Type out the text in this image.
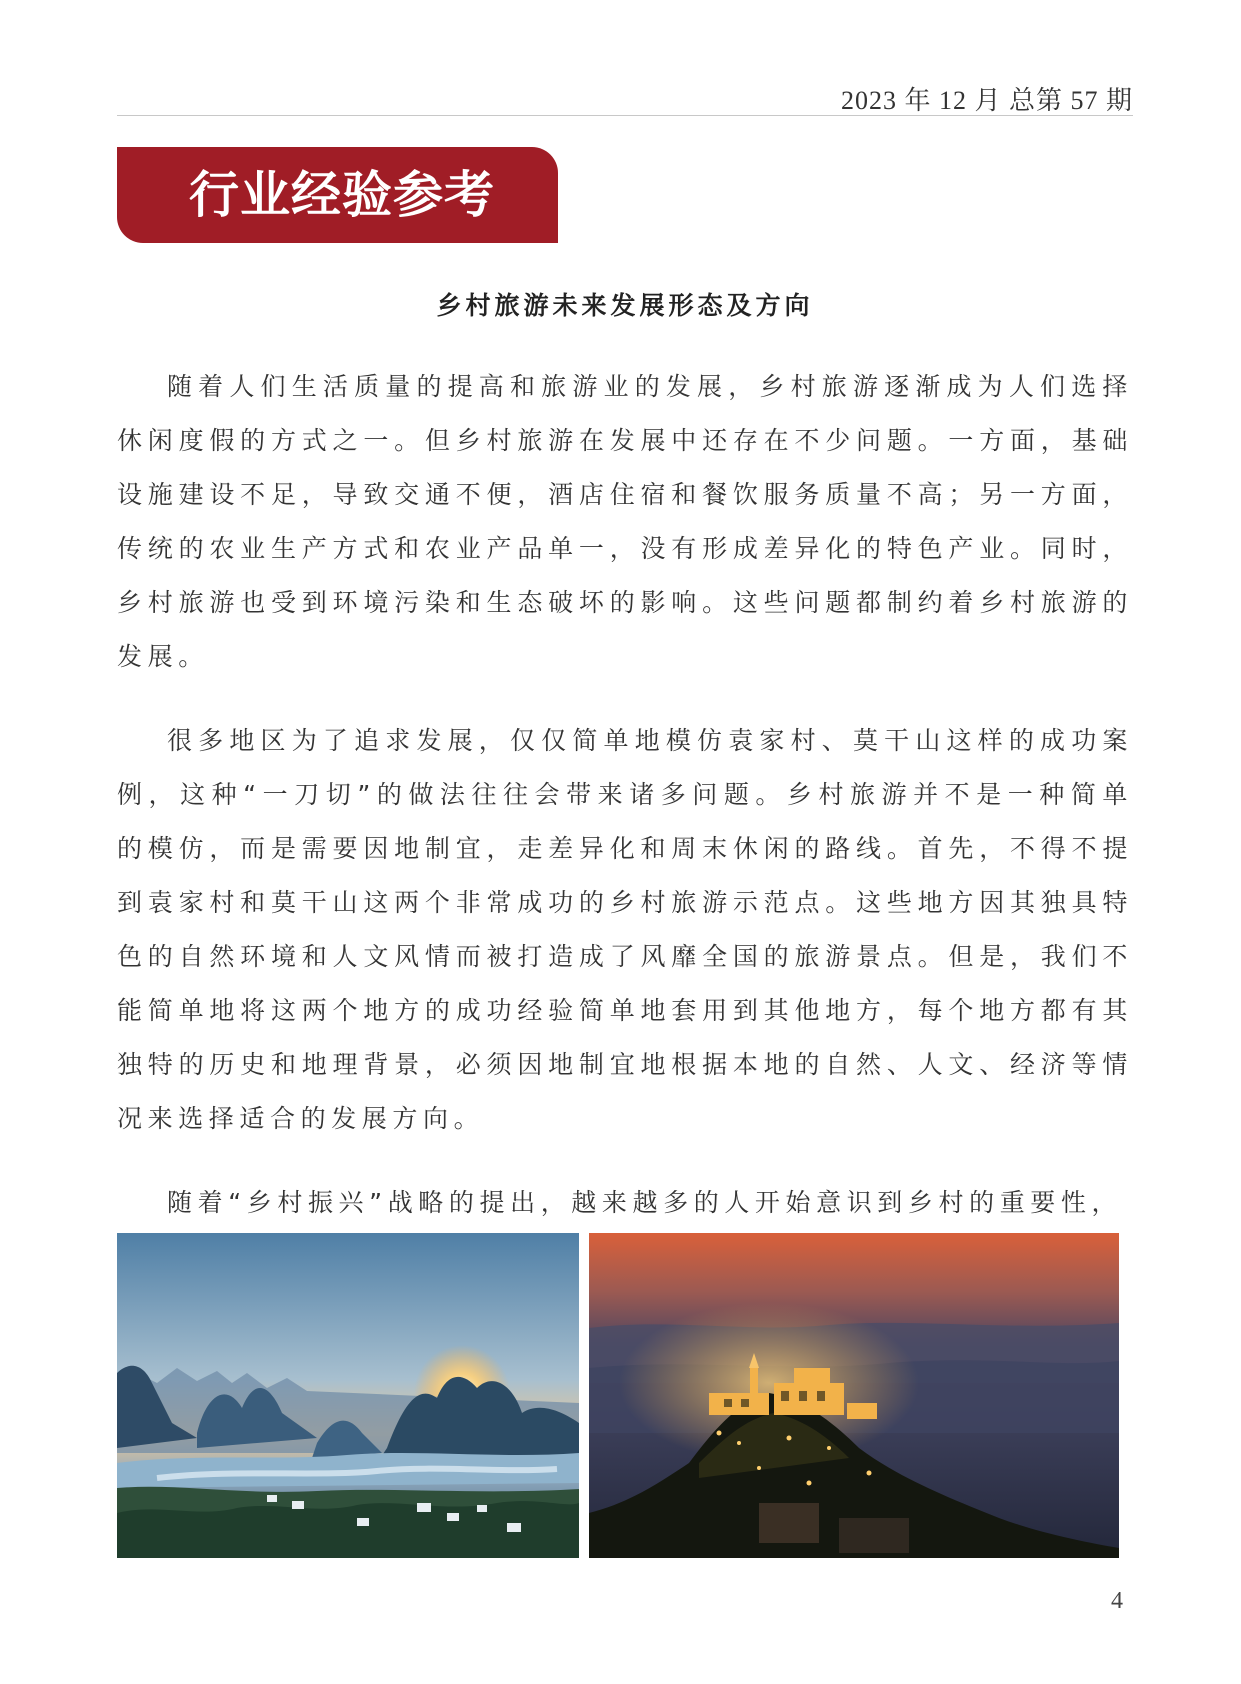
2023 年 12 月 总第 57 期
行业经验参考
乡村旅游未来发展形态及方向

随着人们生活质量的提高和旅游业的发展，乡村旅游逐渐成为人们选择休闲度假的方式之一。但乡村旅游在发展中还存在不少问题。一方面，基础设施建设不足，导致交通不便，酒店住宿和餐饮服务质量不高；另一方面，传统的农业生产方式和农业产品单一，没有形成差异化的特色产业。同时，乡村旅游也受到环境污染和生态破坏的影响。这些问题都制约着乡村旅游的发展。

很多地区为了追求发展，仅仅简单地模仿袁家村、莫干山这样的成功案例，这种“一刀切”的做法往往会带来诸多问题。乡村旅游并不是一种简单的模仿，而是需要因地制宜，走差异化和周末休闲的路线。首先，不得不提到袁家村和莫干山这两个非常成功的乡村旅游示范点。这些地方因其独具特色的自然环境和人文风情而被打造成了风靡全国的旅游景点。但是，我们不能简单地将这两个地方的成功经验简单地套用到其他地方，每个地方都有其独特的历史和地理背景，必须因地制宜地根据本地的自然、人文、经济等情况来选择适合的发展方向。

随着“乡村振兴”战略的提出，越来越多的人开始意识到乡村的重要性，

4
